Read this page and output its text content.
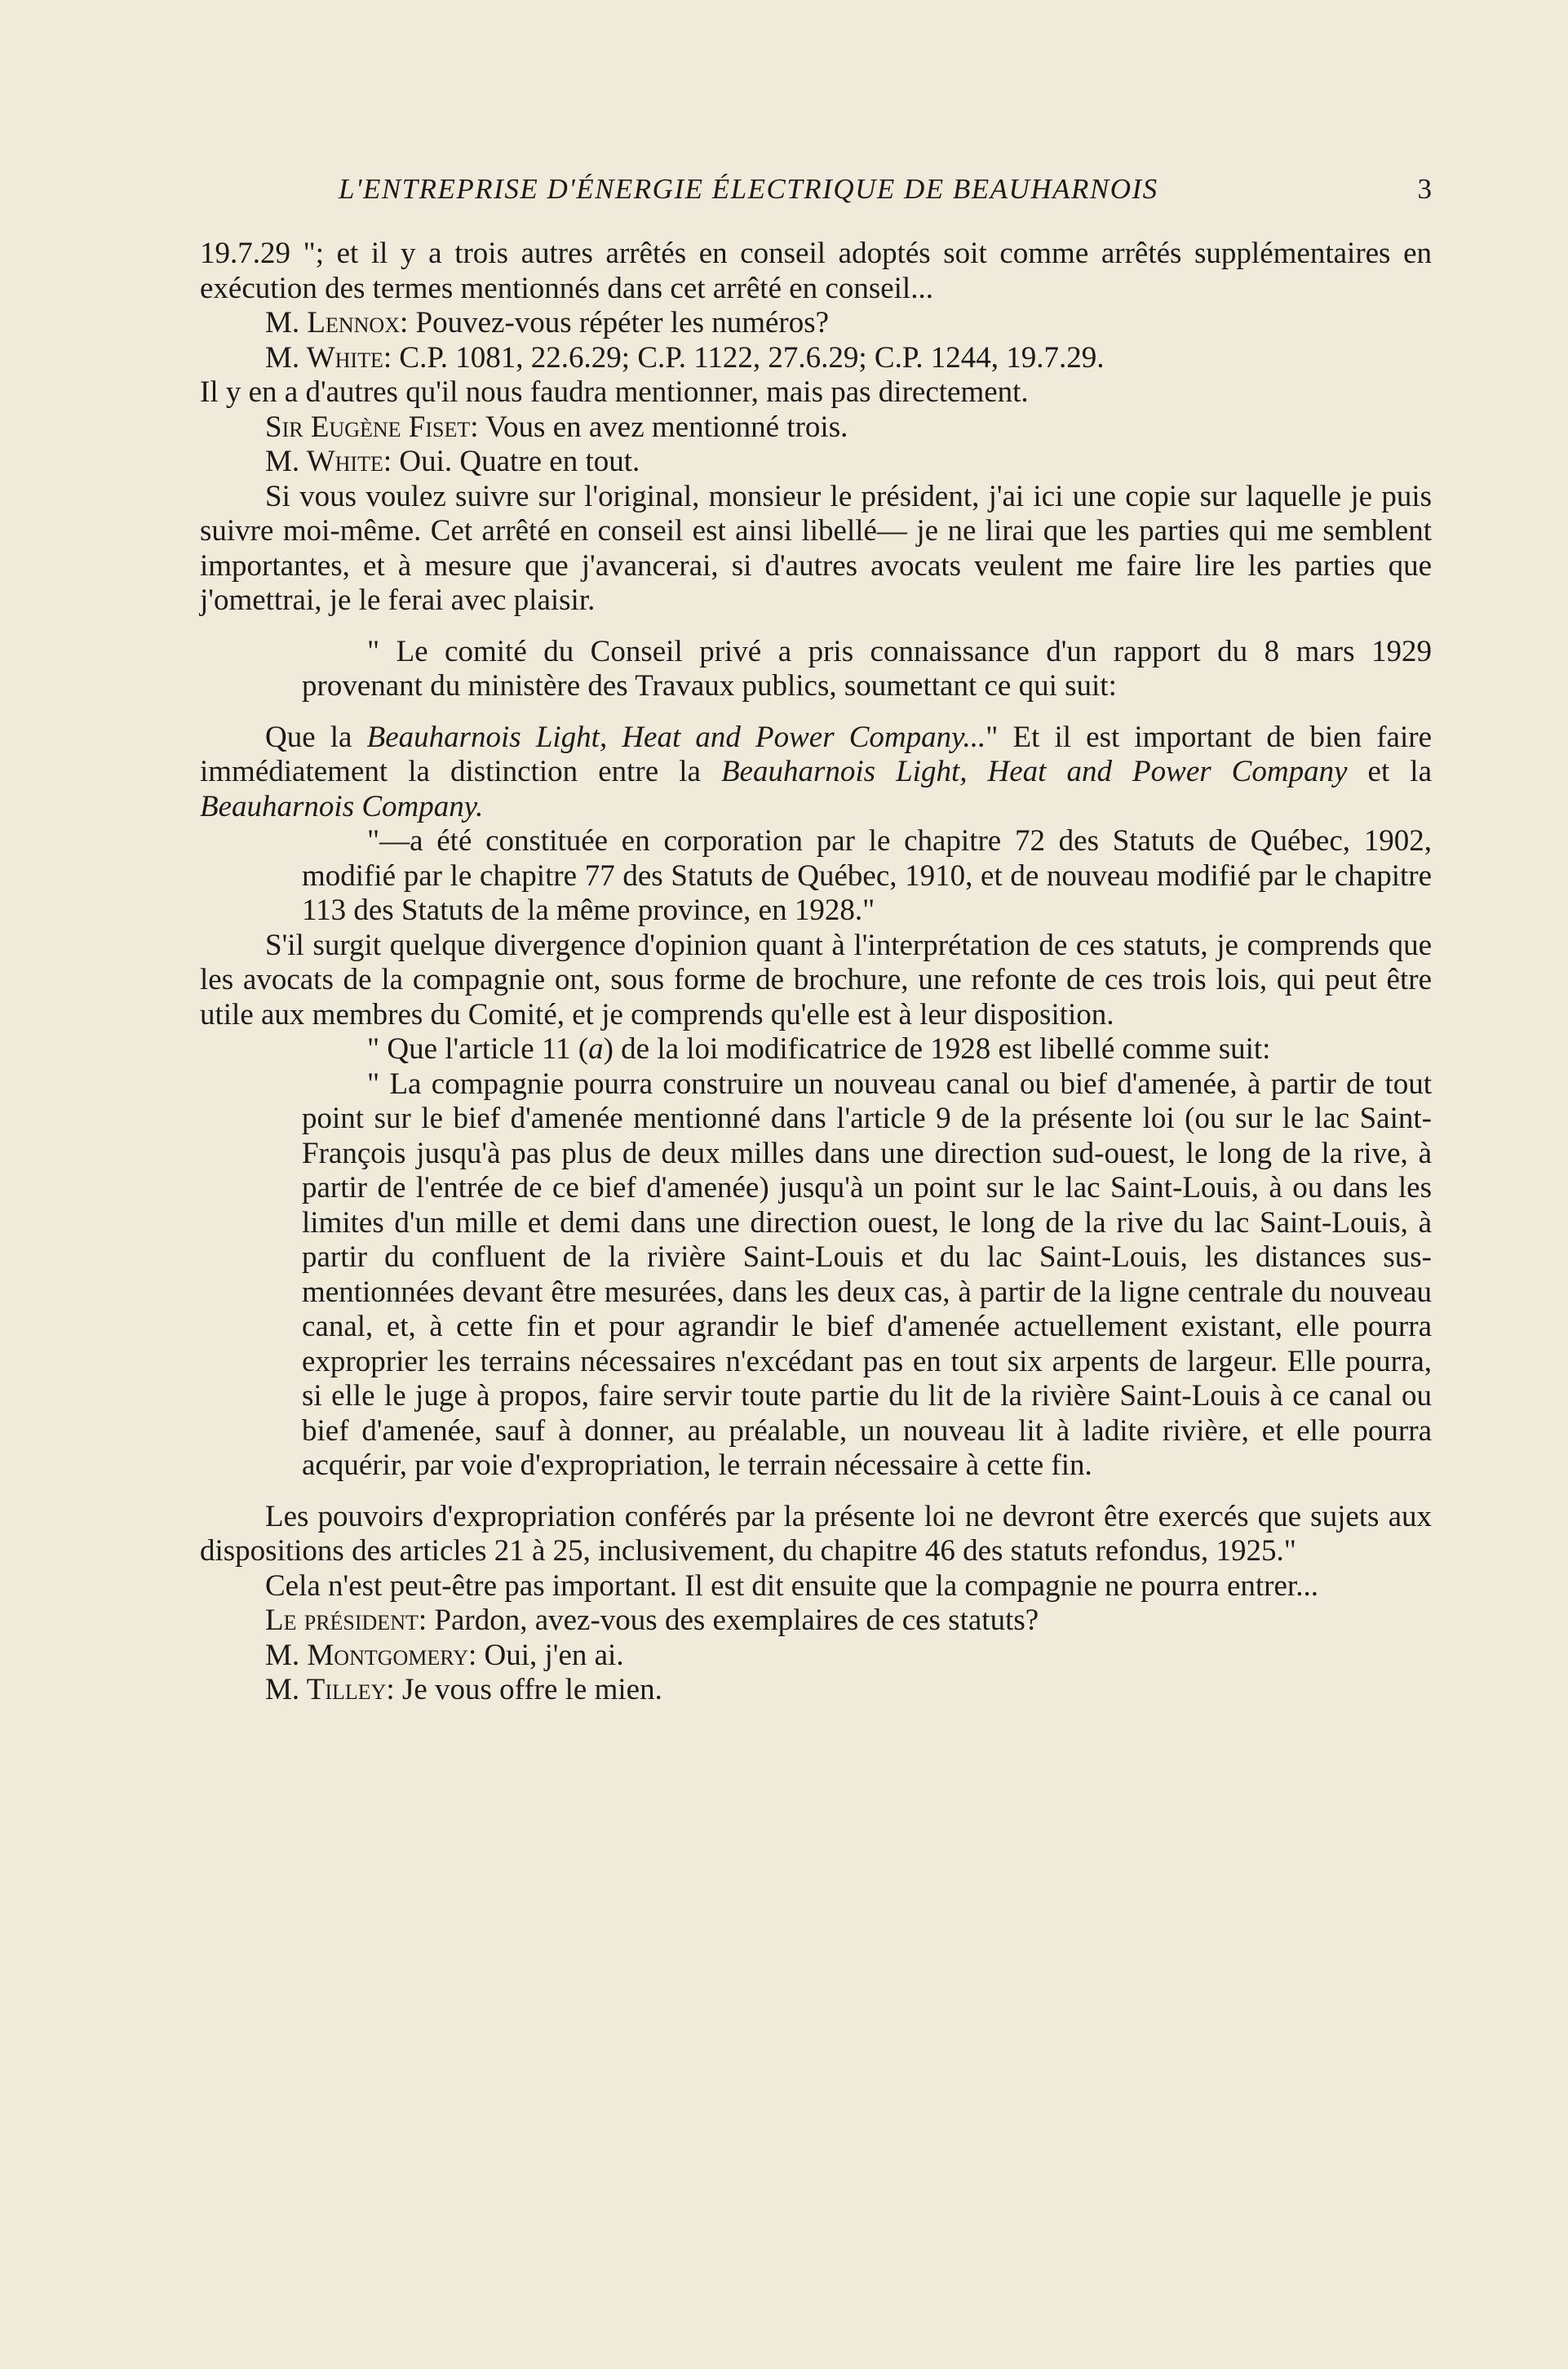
L'ENTREPRISE D'ÉNERGIE ÉLECTRIQUE DE BEAUHARNOIS	3

19.7.29 "; et il y a trois autres arrêtés en conseil adoptés soit comme arrêtés supplémentaires en exécution des termes mentionnés dans cet arrêté en conseil...

M. Lennox: Pouvez-vous répéter les numéros?

M. White: C.P. 1081, 22.6.29; C.P. 1122, 27.6.29; C.P. 1244, 19.7.29.

Il y en a d'autres qu'il nous faudra mentionner, mais pas directement.

Sir Eugène Fiset: Vous en avez mentionné trois.

M. White: Oui. Quatre en tout.

Si vous voulez suivre sur l'original, monsieur le président, j'ai ici une copie sur laquelle je puis suivre moi-même. Cet arrêté en conseil est ainsi libellé— je ne lirai que les parties qui me semblent importantes, et à mesure que j'avancerai, si d'autres avocats veulent me faire lire les parties que j'omettrai, je le ferai avec plaisir.

" Le comité du Conseil privé a pris connaissance d'un rapport du 8 mars 1929 provenant du ministère des Travaux publics, soumettant ce qui suit:

Que la Beauharnois Light, Heat and Power Company..." Et il est important de bien faire immédiatement la distinction entre la Beauharnois Light, Heat and Power Company et la Beauharnois Company.

"—a été constituée en corporation par le chapitre 72 des Statuts de Québec, 1902, modifié par le chapitre 77 des Statuts de Québec, 1910, et de nouveau modifié par le chapitre 113 des Statuts de la même province, en 1928."

S'il surgit quelque divergence d'opinion quant à l'interprétation de ces statuts, je comprends que les avocats de la compagnie ont, sous forme de brochure, une refonte de ces trois lois, qui peut être utile aux membres du Comité, et je comprends qu'elle est à leur disposition.

" Que l'article 11 (a) de la loi modificatrice de 1928 est libellé comme suit:

" La compagnie pourra construire un nouveau canal ou bief d'amenée, à partir de tout point sur le bief d'amenée mentionné dans l'article 9 de la présente loi (ou sur le lac Saint-François jusqu'à pas plus de deux milles dans une direction sud-ouest, le long de la rive, à partir de l'entrée de ce bief d'amenée) jusqu'à un point sur le lac Saint-Louis, à ou dans les limites d'un mille et demi dans une direction ouest, le long de la rive du lac Saint-Louis, à partir du confluent de la rivière Saint-Louis et du lac Saint-Louis, les distances sus-mentionnées devant être mesurées, dans les deux cas, à partir de la ligne centrale du nouveau canal, et, à cette fin et pour agrandir le bief d'amenée actuellement existant, elle pourra exproprier les terrains nécessaires n'excédant pas en tout six arpents de largeur. Elle pourra, si elle le juge à propos, faire servir toute partie du lit de la rivière Saint-Louis à ce canal ou bief d'amenée, sauf à donner, au préalable, un nouveau lit à ladite rivière, et elle pourra acquérir, par voie d'expropriation, le terrain nécessaire à cette fin.

Les pouvoirs d'expropriation conférés par la présente loi ne devront être exercés que sujets aux dispositions des articles 21 à 25, inclusivement, du chapitre 46 des statuts refondus, 1925."

Cela n'est peut-être pas important. Il est dit ensuite que la compagnie ne pourra entrer...

Le président: Pardon, avez-vous des exemplaires de ces statuts?

M. Montgomery: Oui, j'en ai.

M. Tilley: Je vous offre le mien.
